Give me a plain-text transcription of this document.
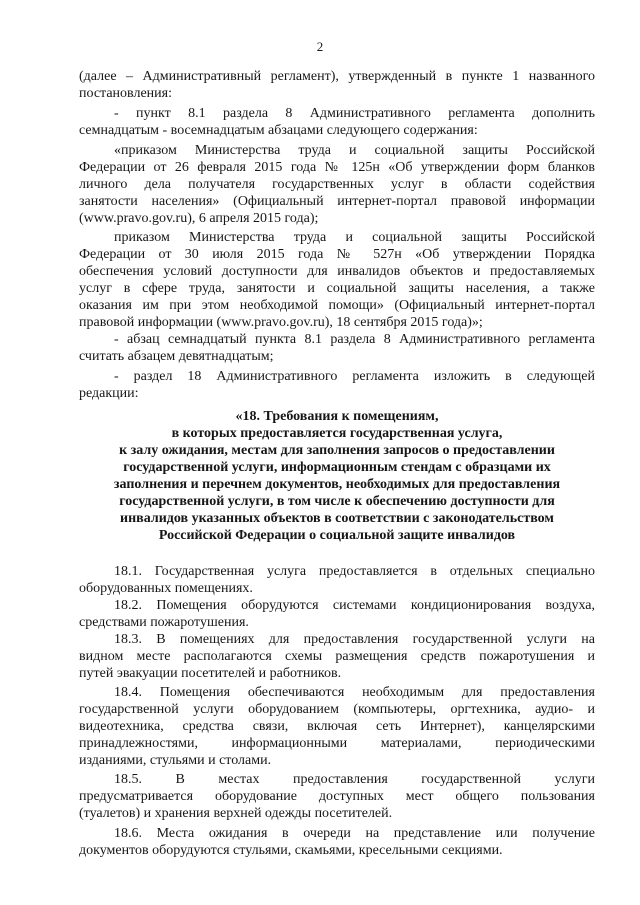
2
(далее – Административный регламент), утвержденный в пункте 1 названного
постановления:
- пункт 8.1 раздела 8 Административного регламента дополнить
семнадцатым - восемнадцатым абзацами следующего содержания:
«приказом Министерства труда и социальной защиты Российской
Федерации от 26 февраля 2015 года № 125н «Об утверждении форм бланков
личного дела получателя государственных услуг в области содействия
занятости населения» (Официальный интернет-портал правовой информации
(www.pravo.gov.ru), 6 апреля 2015 года);
приказом Министерства труда и социальной защиты Российской
Федерации от 30 июля 2015 года № 527н «Об утверждении Порядка
обеспечения условий доступности для инвалидов объектов и предоставляемых
услуг в сфере труда, занятости и социальной защиты населения, а также
оказания им при этом необходимой помощи» (Официальный интернет-портал
правовой информации (www.pravo.gov.ru), 18 сентября 2015 года)»;
- абзац семнадцатый пункта 8.1 раздела 8 Административного регламента
считать абзацем девятнадцатым;
- раздел 18 Административного регламента изложить в следующей
редакции:
«18. Требования к помещениям,
в которых предоставляется государственная услуга,
к залу ожидания, местам для заполнения запросов о предоставлении
государственной услуги, информационным стендам с образцами их
заполнения и перечнем документов, необходимых для предоставления
государственной услуги, в том числе к обеспечению доступности для
инвалидов указанных объектов в соответствии с законодательством
Российской Федерации о социальной защите инвалидов
18.1. Государственная услуга предоставляется в отдельных специально
оборудованных помещениях.
18.2. Помещения оборудуются системами кондиционирования воздуха,
средствами пожаротушения.
18.3. В помещениях для предоставления государственной услуги на
видном месте располагаются схемы размещения средств пожаротушения и
путей эвакуации посетителей и работников.
18.4. Помещения обеспечиваются необходимым для предоставления
государственной услуги оборудованием (компьютеры, оргтехника, аудио- и
видеотехника, средства связи, включая сеть Интернет), канцелярскими
принадлежностями, информационными материалами, периодическими
изданиями, стульями и столами.
18.5. В местах предоставления государственной услуги
предусматривается оборудование доступных мест общего пользования
(туалетов) и хранения верхней одежды посетителей.
18.6. Места ожидания в очереди на представление или получение
документов оборудуются стульями, скамьями, кресельными секциями.
